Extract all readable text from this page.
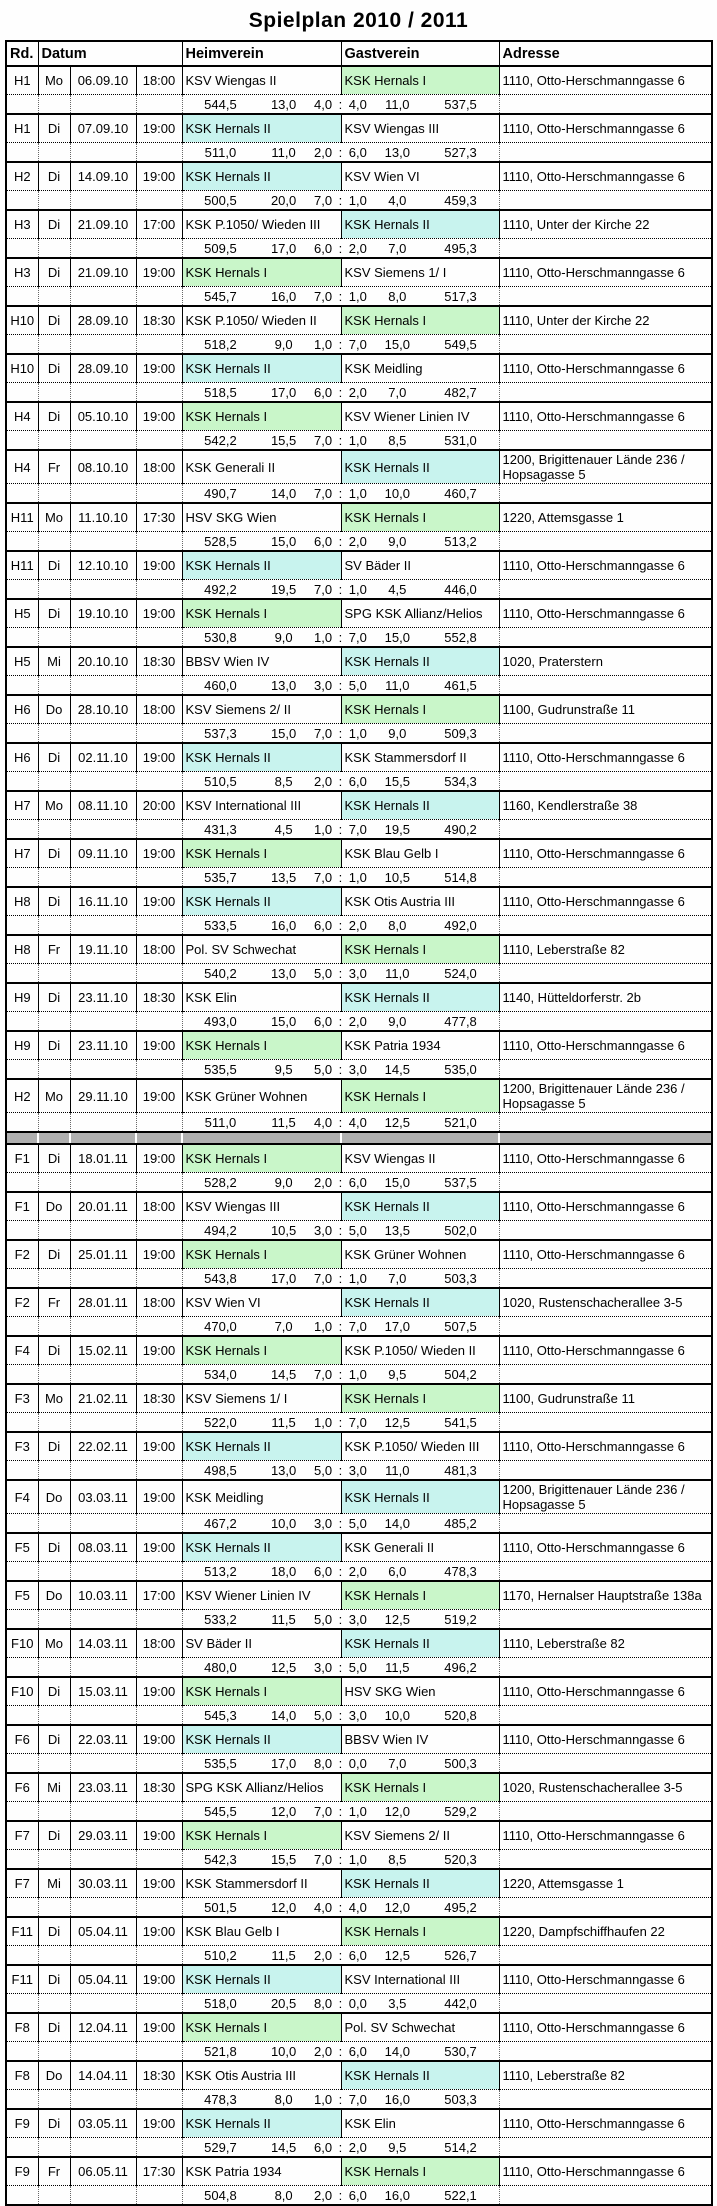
Spielplan 2010 / 2011
Rd.	Datum			Heimverein	Gastverein	Adresse
H1	Mo	06.09.10	18:00	KSV Wiengas II	KSK Hernals I	1110, Otto-Herschmanngasse 6

544,5	13,0	4,0 : 4,0	11,0	537,5

H1	Di	07.09.10	19:00	KSK Hernals II	KSV Wiengas III	1110, Otto-Herschmanngasse 6

511,0	11,0	2,0 : 6,0	13,0	527,3

H2	Di	14.09.10	19:00	KSK Hernals II	KSV Wien VI	1110, Otto-Herschmanngasse 6

500,5	20,0	7,0 : 1,0	4,0	459,3

H3	Di	21.09.10	17:00	KSK P.1050/ Wieden III	KSK Hernals II	1110, Unter der Kirche 22

509,5	17,0	6,0 : 2,0	7,0	495,3

H3	Di	21.09.10	19:00	KSK Hernals I	KSV Siemens 1/ I	1110, Otto-Herschmanngasse 6

545,7	16,0	7,0 : 1,0	8,0	517,3

H10	Di	28.09.10	18:30	KSK P.1050/ Wieden II	KSK Hernals I	1110, Unter der Kirche 22

518,2	9,0	1,0 : 7,0	15,0	549,5

H10	Di	28.09.10	19:00	KSK Hernals II	KSK Meidling	1110, Otto-Herschmanngasse 6

518,5	17,0	6,0 : 2,0	7,0	482,7

H4	Di	05.10.10	19:00	KSK Hernals I	KSV Wiener Linien IV	1110, Otto-Herschmanngasse 6

542,2	15,5	7,0 : 1,0	8,5	531,0

H4	Fr	08.10.10	18:00	KSK Generali II	KSK Hernals II	1200, Brigittenauer Lände 236 / Hopsagasse 5

490,7	14,0	7,0 : 1,0	10,0	460,7

H11	Mo	11.10.10	17:30	HSV SKG Wien	KSK Hernals I	1220, Attemsgasse 1

528,5	15,0	6,0 : 2,0	9,0	513,2

H11	Di	12.10.10	19:00	KSK Hernals II	SV Bäder II	1110, Otto-Herschmanngasse 6

492,2	19,5	7,0 : 1,0	4,5	446,0

H5	Di	19.10.10	19:00	KSK Hernals I	SPG KSK Allianz/Helios	1110, Otto-Herschmanngasse 6

530,8	9,0	1,0 : 7,0	15,0	552,8

H5	Mi	20.10.10	18:30	BBSV Wien IV	KSK Hernals II	1020, Praterstern

460,0	13,0	3,0 : 5,0	11,0	461,5

H6	Do	28.10.10	18:00	KSV Siemens 2/ II	KSK Hernals I	1100, Gudrunstraße 11

537,3	15,0	7,0 : 1,0	9,0	509,3

H6	Di	02.11.10	19:00	KSK Hernals II	KSK Stammersdorf II	1110, Otto-Herschmanngasse 6

510,5	8,5	2,0 : 6,0	15,5	534,3

H7	Mo	08.11.10	20:00	KSV International III	KSK Hernals II	1160, Kendlerstraße 38

431,3	4,5	1,0 : 7,0	19,5	490,2

H7	Di	09.11.10	19:00	KSK Hernals I	KSK Blau Gelb I	1110, Otto-Herschmanngasse 6

535,7	13,5	7,0 : 1,0	10,5	514,8

H8	Di	16.11.10	19:00	KSK Hernals II	KSK Otis Austria III	1110, Otto-Herschmanngasse 6

533,5	16,0	6,0 : 2,0	8,0	492,0

H8	Fr	19.11.10	18:00	Pol. SV Schwechat	KSK Hernals I	1110, Leberstraße 82

540,2	13,0	5,0 : 3,0	11,0	524,0

H9	Di	23.11.10	18:30	KSK Elin	KSK Hernals II	1140, Hütteldorferstr. 2b

493,0	15,0	6,0 : 2,0	9,0	477,8

H9	Di	23.11.10	19:00	KSK Hernals I	KSK Patria 1934	1110, Otto-Herschmanngasse 6

535,5	9,5	5,0 : 3,0	14,5	535,0

H2	Mo	29.11.10	19:00	KSK Grüner Wohnen	KSK Hernals I	1200, Brigittenauer Lände 236 / Hopsagasse 5

511,0	11,5	4,0 : 4,0	12,5	521,0

F1	Di	18.01.11	19:00	KSK Hernals I	KSV Wiengas II	1110, Otto-Herschmanngasse 6

528,2	9,0	2,0 : 6,0	15,0	537,5

F1	Do	20.01.11	18:00	KSV Wiengas III	KSK Hernals II	1110, Otto-Herschmanngasse 6

494,2	10,5	3,0 : 5,0	13,5	502,0

F2	Di	25.01.11	19:00	KSK Hernals I	KSK Grüner Wohnen	1110, Otto-Herschmanngasse 6

543,8	17,0	7,0 : 1,0	7,0	503,3

F2	Fr	28.01.11	18:00	KSV Wien VI	KSK Hernals II	1020, Rustenschacherallee 3-5

470,0	7,0	1,0 : 7,0	17,0	507,5

F4	Di	15.02.11	19:00	KSK Hernals I	KSK P.1050/ Wieden II	1110, Otto-Herschmanngasse 6

534,0	14,5	7,0 : 1,0	9,5	504,2

F3	Mo	21.02.11	18:30	KSV Siemens 1/ I	KSK Hernals I	1100, Gudrunstraße 11

522,0	11,5	1,0 : 7,0	12,5	541,5

F3	Di	22.02.11	19:00	KSK Hernals II	KSK P.1050/ Wieden III	1110, Otto-Herschmanngasse 6

498,5	13,0	5,0 : 3,0	11,0	481,3

F4	Do	03.03.11	19:00	KSK Meidling	KSK Hernals II	1200, Brigittenauer Lände 236 / Hopsagasse 5

467,2	10,0	3,0 : 5,0	14,0	485,2

F5	Di	08.03.11	19:00	KSK Hernals II	KSK Generali II	1110, Otto-Herschmanngasse 6

513,2	18,0	6,0 : 2,0	6,0	478,3

F5	Do	10.03.11	17:00	KSV Wiener Linien IV	KSK Hernals I	1170, Hernalser Hauptstraße 138a

533,2	11,5	5,0 : 3,0	12,5	519,2

F10	Mo	14.03.11	18:00	SV Bäder II	KSK Hernals II	1110, Leberstraße 82

480,0	12,5	3,0 : 5,0	11,5	496,2

F10	Di	15.03.11	19:00	KSK Hernals I	HSV SKG Wien	1110, Otto-Herschmanngasse 6

545,3	14,0	5,0 : 3,0	10,0	520,8

F6	Di	22.03.11	19:00	KSK Hernals II	BBSV Wien IV	1110, Otto-Herschmanngasse 6

535,5	17,0	8,0 : 0,0	7,0	500,3

F6	Mi	23.03.11	18:30	SPG KSK Allianz/Helios	KSK Hernals I	1020, Rustenschacherallee 3-5

545,5	12,0	7,0 : 1,0	12,0	529,2

F7	Di	29.03.11	19:00	KSK Hernals I	KSV Siemens 2/ II	1110, Otto-Herschmanngasse 6

542,3	15,5	7,0 : 1,0	8,5	520,3

F7	Mi	30.03.11	19:00	KSK Stammersdorf II	KSK Hernals II	1220, Attemsgasse 1

501,5	12,0	4,0 : 4,0	12,0	495,2

F11	Di	05.04.11	19:00	KSK Blau Gelb I	KSK Hernals I	1220, Dampfschiffhaufen 22

510,2	11,5	2,0 : 6,0	12,5	526,7

F11	Di	05.04.11	19:00	KSK Hernals II	KSV International III	1110, Otto-Herschmanngasse 6

518,0	20,5	8,0 : 0,0	3,5	442,0

F8	Di	12.04.11	19:00	KSK Hernals I	Pol. SV Schwechat	1110, Otto-Herschmanngasse 6

521,8	10,0	2,0 : 6,0	14,0	530,7

F8	Do	14.04.11	18:30	KSK Otis Austria III	KSK Hernals II	1110, Leberstraße 82

478,3	8,0	1,0 : 7,0	16,0	503,3

F9	Di	03.05.11	19:00	KSK Hernals II	KSK Elin	1110, Otto-Herschmanngasse 6

529,7	14,5	6,0 : 2,0	9,5	514,2

F9	Fr	06.05.11	17:30	KSK Patria 1934	KSK Hernals I	1110, Otto-Herschmanngasse 6

504,8	8,0	2,0 : 6,0	16,0	522,1
